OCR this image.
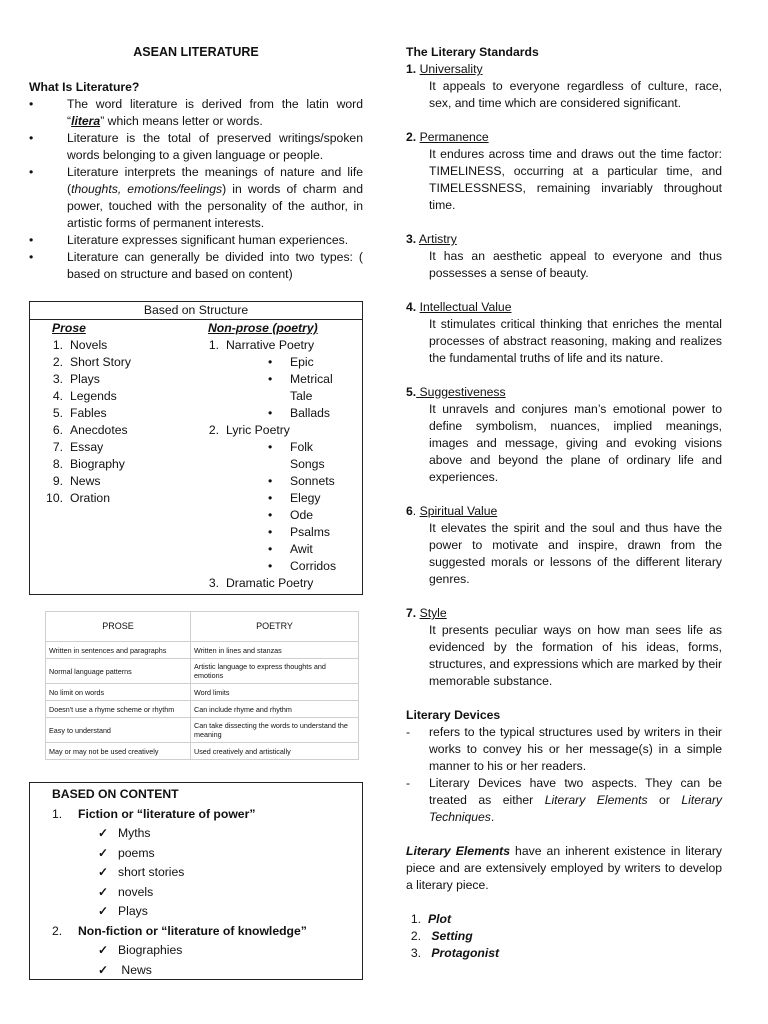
ASEAN LITERATURE
What Is Literature?
• The word literature is derived from the latin word “litera” which means letter or words.
• Literature is the total of preserved writings/spoken words belonging to a given language or people.
• Literature interprets the meanings of nature and life (thoughts, emotions/feelings) in words of charm and power, touched with the personality of the author, in artistic forms of permanent interests.
• Literature expresses significant human experiences.
• Literature can generally be divided into two types: ( based on structure and based on content)
Based on Structure
Prose	Non-prose (poetry)
1. Novels
2. Short Story
3. Plays
4. Legends
5. Fables
6. Anecdotes
7. Essay
8. Biography
9. News
10. Oration
1. Narrative Poetry
• Epic
• Metrical Tale
• Ballads
2. Lyric Poetry
• Folk Songs
• Sonnets
• Elegy
• Ode
• Psalms
• Awit
• Corridos
3. Dramatic Poetry
PROSE	POETRY
Written in sentences and paragraphs	Written in lines and stanzas
Normal language patterns	Artistic language to express thoughts and emotions
No limit on words	Word limits
Doesn't use a rhyme scheme or rhythm	Can include rhyme and rhythm
Easy to understand	Can take dissecting the words to understand the meaning
May or may not be used creatively	Used creatively and artistically
BASED ON CONTENT
1. Fiction or “literature of power”
✓ Myths
✓ poems
✓ short stories
✓ novels
✓ Plays
2. Non-fiction or “literature of knowledge”
✓ Biographies
✓  News
The Literary Standards
1. Universality
It appeals to everyone regardless of culture, race, sex, and time which are considered significant.
2. Permanence
It endures across time and draws out the time factor: TIMELINESS, occurring at a particular time, and TIMELESSNESS, remaining invariably throughout time.
3. Artistry
It has an aesthetic appeal to everyone and thus possesses a sense of beauty.
4. Intellectual Value
It stimulates critical thinking that enriches the mental processes of abstract reasoning, making and realizes the fundamental truths of life and its nature.
5. Suggestiveness
It unravels and conjures man’s emotional power to define symbolism, nuances, implied meanings, images and message, giving and evoking visions above and beyond the plane of ordinary life and experiences.
6. Spiritual Value
It elevates the spirit and the soul and thus have the power to motivate and inspire, drawn from the suggested morals or lessons of the different literary genres.
7. Style
It presents peculiar ways on how man sees life as evidenced by the formation of his ideas, forms, structures, and expressions which are marked by their memorable substance.
Literary Devices
- refers to the typical structures used by writers in their works to convey his or her message(s) in a simple manner to his or her readers.
- Literary Devices have two aspects. They can be treated as either Literary Elements or Literary Techniques.
Literary Elements have an inherent existence in literary piece and are extensively employed by writers to develop a literary piece.
1. Plot
2. Setting
3. Protagonist
